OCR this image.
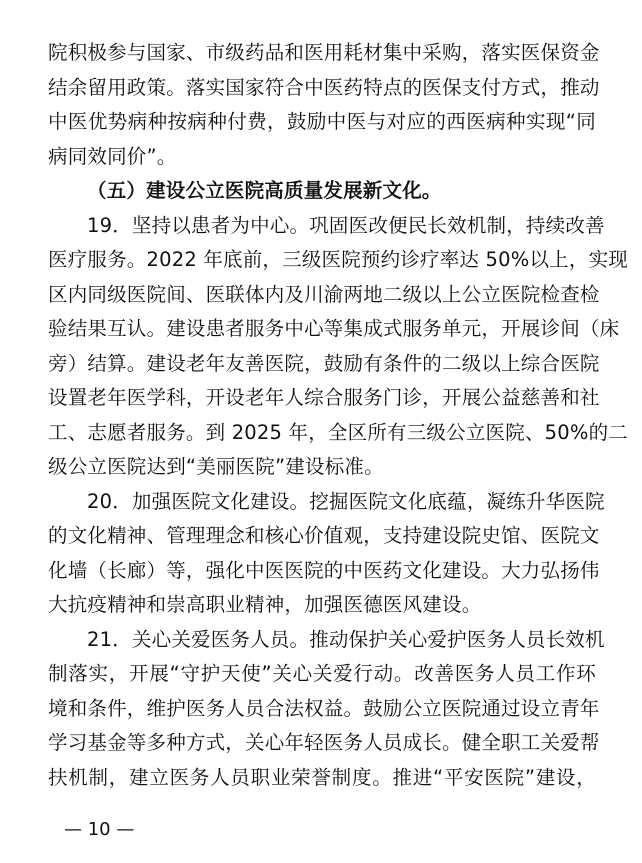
院积极参与国家、市级药品和医用耗材集中采购，落实医保资金
结余留用政策。落实国家符合中医药特点的医保支付方式，推动
中医优势病种按病种付费，鼓励中医与对应的西医病种实现“同
病同效同价”。
（五）建设公立医院高质量发展新文化。
19．坚持以患者为中心。巩固医改便民长效机制，持续改善
医疗服务。2022 年底前，三级医院预约诊疗率达 50%以上，实现
区内同级医院间、医联体内及川渝两地二级以上公立医院检查检
验结果互认。建设患者服务中心等集成式服务单元，开展诊间（床
旁）结算。建设老年友善医院，鼓励有条件的二级以上综合医院
设置老年医学科，开设老年人综合服务门诊，开展公益慈善和社
工、志愿者服务。到 2025 年，全区所有三级公立医院、50%的二
级公立医院达到“美丽医院”建设标准。
20．加强医院文化建设。挖掘医院文化底蕴，凝练升华医院
的文化精神、管理理念和核心价值观，支持建设院史馆、医院文
化墙（长廊）等，强化中医医院的中医药文化建设。大力弘扬伟
大抗疫精神和崇高职业精神，加强医德医风建设。
21．关心关爱医务人员。推动保护关心爱护医务人员长效机
制落实，开展“守护天使”关心关爱行动。改善医务人员工作环
境和条件，维护医务人员合法权益。鼓励公立医院通过设立青年
学习基金等多种方式，关心年轻医务人员成长。健全职工关爱帮
扶机制，建立医务人员职业荣誉制度。推进“平安医院”建设，
— 10 —
